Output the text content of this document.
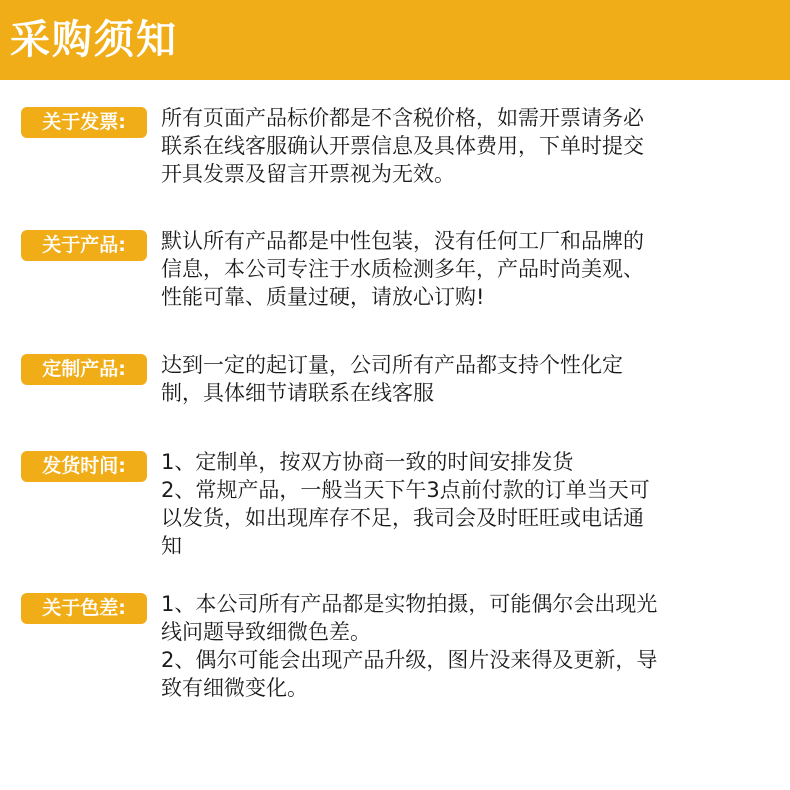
采购须知
关于发票:	所有页面产品标价都是不含税价格，如需开票请务必
联系在线客服确认开票信息及具体费用，下单时提交
开具发票及留言开票视为无效。
关于产品:	默认所有产品都是中性包装，没有任何工厂和品牌的
信息，本公司专注于水质检测多年，产品时尚美观、
性能可靠、质量过硬，请放心订购!
定制产品:	达到一定的起订量，公司所有产品都支持个性化定
制，具体细节请联系在线客服
发货时间:	1、定制单，按双方协商一致的时间安排发货
2、常规产品，一般当天下午3点前付款的订单当天可
以发货，如出现库存不足，我司会及时旺旺或电话通
知
关于色差:	1、本公司所有产品都是实物拍摄，可能偶尔会出现光
线问题导致细微色差。
2、偶尔可能会出现产品升级，图片没来得及更新，导
致有细微变化。
